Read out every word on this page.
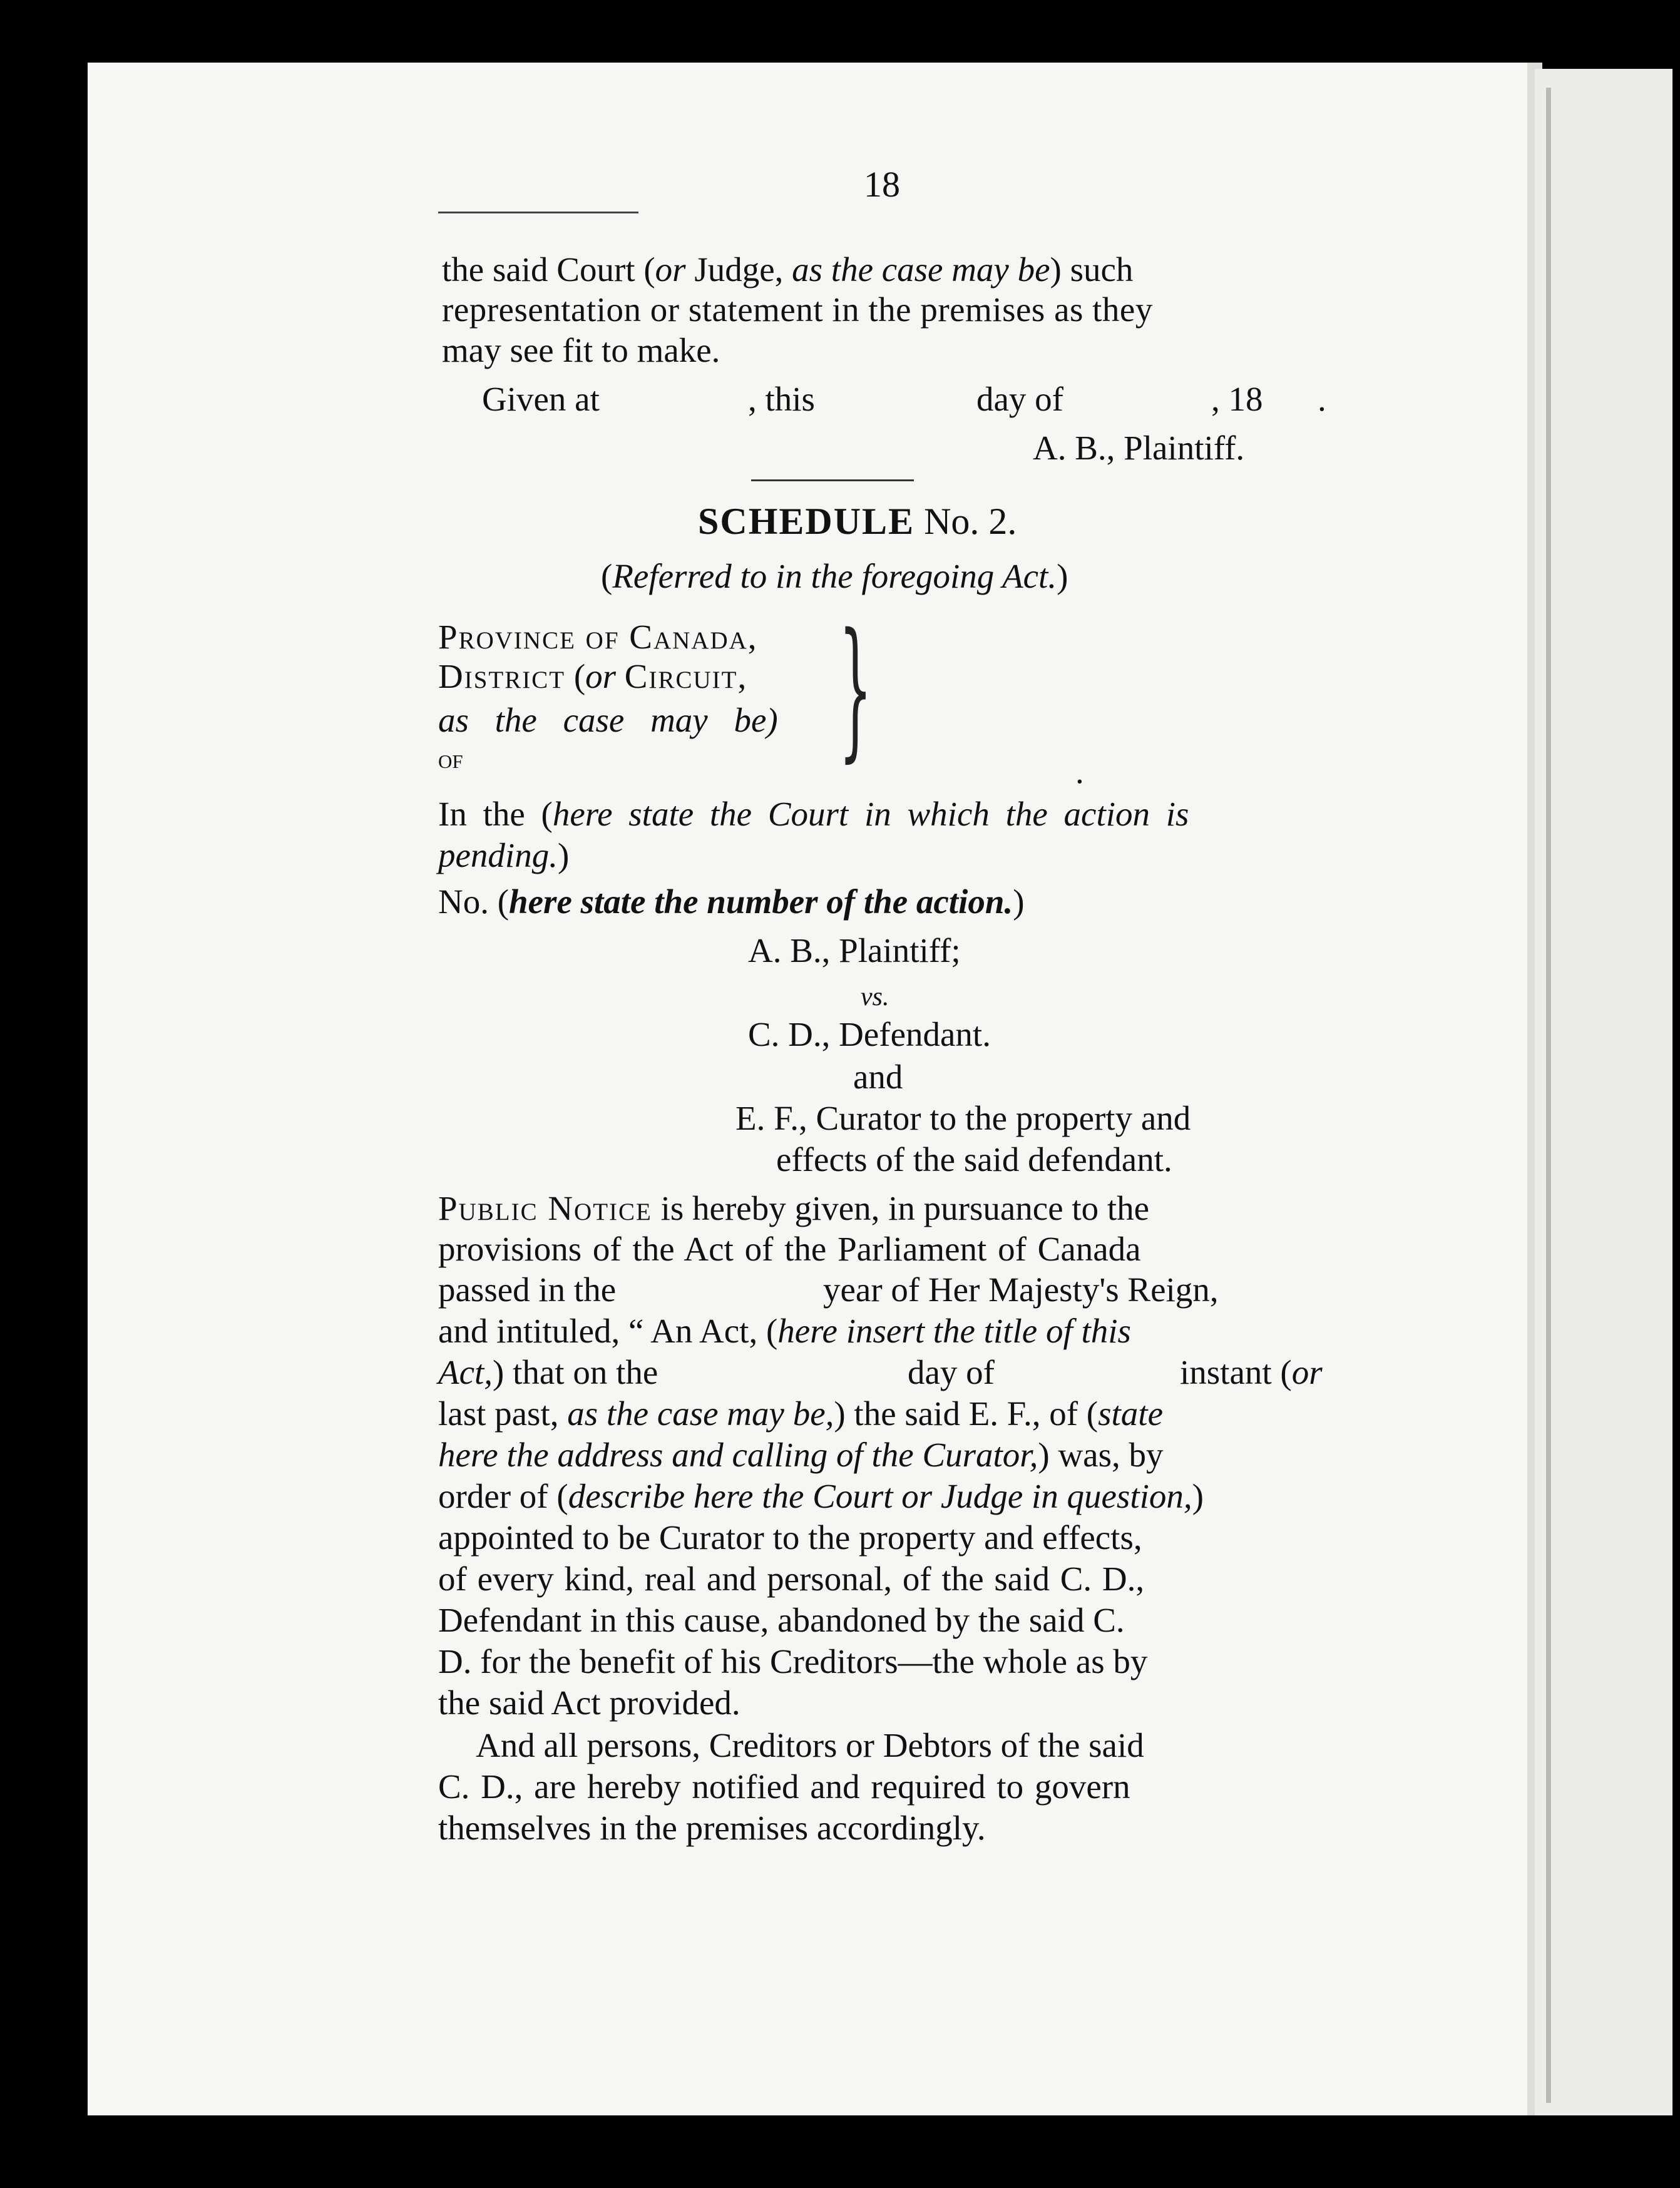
18
the said Court (or Judge, as the case may be) such
representation or statement in the premises as they
may see fit to make.
Given at	, this	day of	, 18 .
A. B., Plaintiff.
SCHEDULE No. 2.
(Referred to in the foregoing Act.)
Province of Canada,
District (or Circuit,
as the case may be)
of	}	.
In the (here state the Court in which the action is
pending.)
No. (here state the number of the action.)
A. B., Plaintiff;
vs.
C. D., Defendant.
and
E. F., Curator to the property and
effects of the said defendant.
Public Notice is hereby given, in pursuance to the
provisions of the Act of the Parliament of Canada
passed in the	year of Her Majesty's Reign,
and intituled, “ An Act, (here insert the title of this
Act,) that on the	day of	instant (or
last past, as the case may be,) the said E. F., of (state
here the address and calling of the Curator,) was, by
order of (describe here the Court or Judge in question,)
appointed to be Curator to the property and effects,
of every kind, real and personal, of the said C. D.,
Defendant in this cause, abandoned by the said C.
D. for the benefit of his Creditors—the whole as by
the said Act provided.
And all persons, Creditors or Debtors of the said
C. D., are hereby notified and required to govern
themselves in the premises accordingly.
